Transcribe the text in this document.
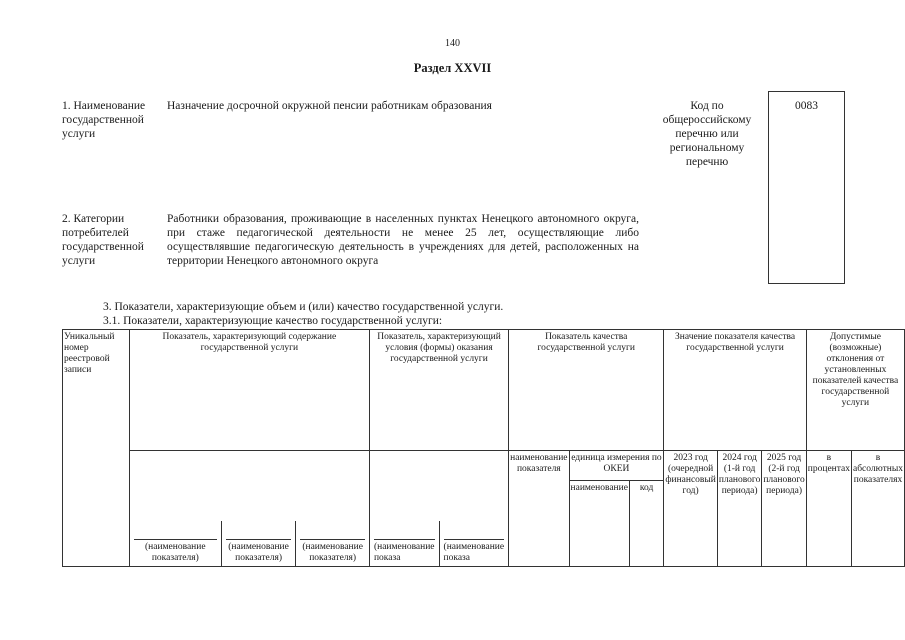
140
Раздел XXVII
1. Наименование государственной услуги
Назначение досрочной окружной пенсии работникам образования	Код по общероссийскому перечню или региональному перечню
0083
2. Категории потребителей государственной услуги
Работники образования, проживающие в населенных пунктах Ненецкого автономного округа, при стаже педагогической деятельности не менее 25 лет, осуществляющие либо осуществлявшие педагогическую деятельность в учреждениях для детей, расположенных на территории Ненецкого автономного округа
3. Показатели, характеризующие объем и (или) качество государственной услуги.
3.1. Показатели, характеризующие качество государственной услуги:
Уникальный номер реестровой записи	Показатель, характеризующий содержание государственной услуги			Показатель, характеризующий условия (формы) оказания государственной услуги		Показатель качества государственной услуги			Значение показателя качества государственной услуги			Допустимые (возможные) отклонения от установленных показателей качества государственной услуги	
						наименование показателя	единица измерения по ОКЕИ		2023 год (очередной финансовый год)	2024 год (1-й год планового периода)	2025 год (2-й год планового периода)	в процентах	в абсолютных показателях
							наименование	код					

	(наименование показателя)	(наименование показателя)	(наименование показателя)	(наименование показа	(наименование показа								
